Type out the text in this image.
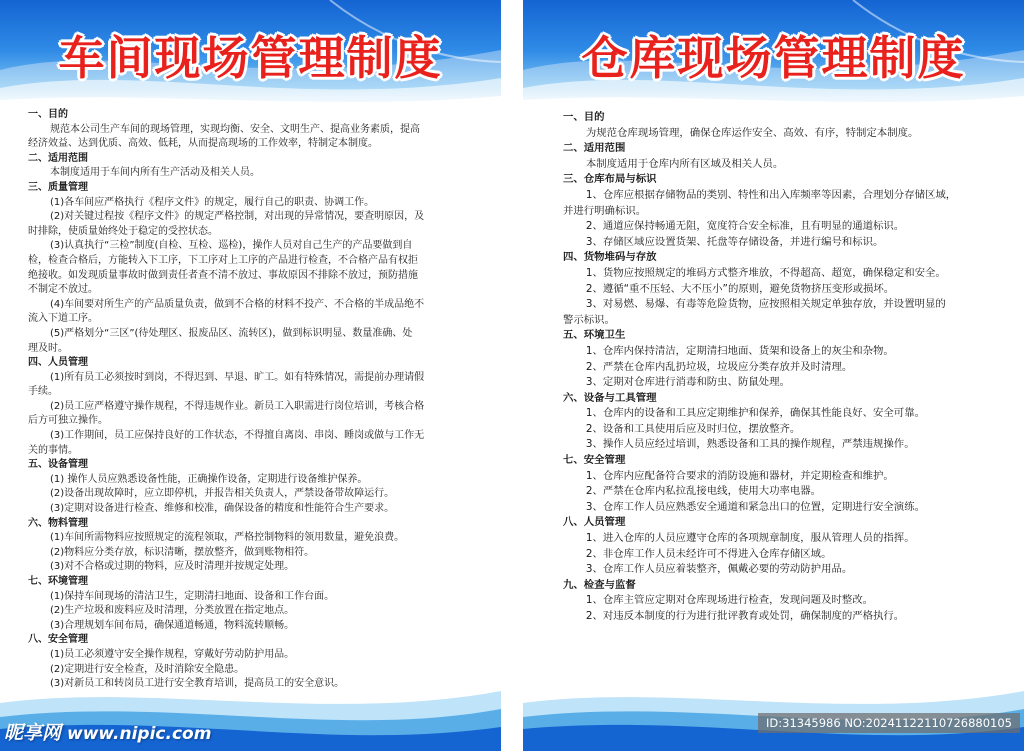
车间现场管理制度
一、目的
规范本公司生产车间的现场管理，实现均衡、安全、文明生产、提高业务素质，提高
经济效益、达到优质、高效、低耗，从而提高现场的工作效率，特制定本制度。
二、适用范围
本制度适用于车间内所有生产活动及相关人员。
三、质量管理
(1)各车间应严格执行《程序文件》的规定，履行自己的职责、协调工作。
(2)对关键过程按《程序文件》的规定严格控制，对出现的异常情况，要查明原因，及
时排除，使质量始终处于稳定的受控状态。
(3)认真执行“三检”制度(自检、互检、巡检)，操作人员对自己生产的产品要做到自
检，检查合格后，方能转入下工序，下工序对上工序的产品进行检查，不合格产品有权拒
绝接收。如发现质量事故时做到责任者查不清不放过、事故原因不排除不放过，预防措施
不制定不放过。
(4)车间要对所生产的产品质量负责，做到不合格的材料不投产、不合格的半成品绝不
流入下道工序。
(5)严格划分“三区”(待处理区、报废品区、流转区)，做到标识明显、数量准确、处
理及时。
四、人员管理
(1)所有员工必须按时到岗，不得迟到、早退、旷工。如有特殊情况，需提前办理请假
手续。
(2)员工应严格遵守操作规程，不得违规作业。新员工入职需进行岗位培训，考核合格
后方可独立操作。
(3)工作期间，员工应保持良好的工作状态，不得擅自离岗、串岗、睡岗或做与工作无
关的事情。
五、设备管理
(1) 操作人员应熟悉设备性能，正确操作设备，定期进行设备维护保养。
(2)设备出现故障时，应立即停机，并报告相关负责人，严禁设备带故障运行。
(3)定期对设备进行检查、维修和校准，确保设备的精度和性能符合生产要求。
六、物料管理
(1)车间所需物料应按照规定的流程领取，严格控制物料的领用数量，避免浪费。
(2)物料应分类存放，标识清晰，摆放整齐，做到账物相符。
(3)对不合格或过期的物料，应及时清理并按规定处理。
七、环境管理
(1)保持车间现场的清洁卫生，定期清扫地面、设备和工作台面。
(2)生产垃圾和废料应及时清理，分类放置在指定地点。
(3)合理规划车间布局，确保通道畅通，物料流转顺畅。
八、安全管理
(1)员工必须遵守安全操作规程，穿戴好劳动防护用品。
(2)定期进行安全检查，及时消除安全隐患。
(3)对新员工和转岗员工进行安全教育培训，提高员工的安全意识。
昵享网 www.nipic.com
仓库现场管理制度
一、目的
为规范仓库现场管理，确保仓库运作安全、高效、有序，特制定本制度。
二、适用范围
本制度适用于仓库内所有区域及相关人员。
三、仓库布局与标识
1、仓库应根据存储物品的类别、特性和出入库频率等因素，合理划分存储区域，
并进行明确标识。
2、通道应保持畅通无阻，宽度符合安全标准，且有明显的通道标识。
3、存储区域应设置货架、托盘等存储设备，并进行编号和标识。
四、货物堆码与存放
1、货物应按照规定的堆码方式整齐堆放，不得超高、超宽，确保稳定和安全。
2、遵循“重不压轻、大不压小”的原则，避免货物挤压变形或损坏。
3、对易燃、易爆、有毒等危险货物，应按照相关规定单独存放，并设置明显的
警示标识。
五、环境卫生
1、仓库内保持清洁，定期清扫地面、货架和设备上的灰尘和杂物。
2、严禁在仓库内乱扔垃圾，垃圾应分类存放并及时清理。
3、定期对仓库进行消毒和防虫、防鼠处理。
六、设备与工具管理
1、仓库内的设备和工具应定期维护和保养，确保其性能良好、安全可靠。
2、设备和工具使用后应及时归位，摆放整齐。
3、操作人员应经过培训，熟悉设备和工具的操作规程，严禁违规操作。
七、安全管理
1、仓库内应配备符合要求的消防设施和器材，并定期检查和维护。
2、严禁在仓库内私拉乱接电线，使用大功率电器。
3、仓库工作人员应熟悉安全通道和紧急出口的位置，定期进行安全演练。
八、人员管理
1、进入仓库的人员应遵守仓库的各项规章制度，服从管理人员的指挥。
2、非仓库工作人员未经许可不得进入仓库存储区域。
3、仓库工作人员应着装整齐，佩戴必要的劳动防护用品。
九、检查与监督
1、仓库主管应定期对仓库现场进行检查，发现问题及时整改。
2、对违反本制度的行为进行批评教育或处罚，确保制度的严格执行。
ID:31345986 NO:20241122110726880105
